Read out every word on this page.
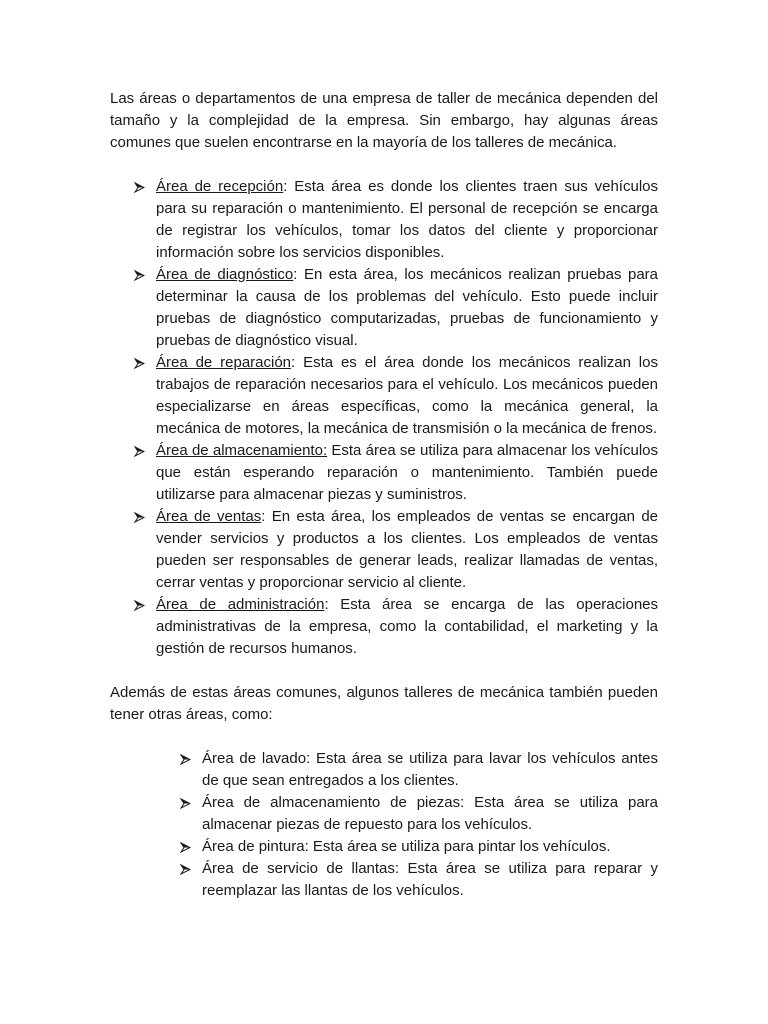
Las áreas o departamentos de una empresa de taller de mecánica dependen del tamaño y la complejidad de la empresa. Sin embargo, hay algunas áreas comunes que suelen encontrarse en la mayoría de los talleres de mecánica.

Área de recepción: Esta área es donde los clientes traen sus vehículos para su reparación o mantenimiento. El personal de recepción se encarga de registrar los vehículos, tomar los datos del cliente y proporcionar información sobre los servicios disponibles.
Área de diagnóstico: En esta área, los mecánicos realizan pruebas para determinar la causa de los problemas del vehículo. Esto puede incluir pruebas de diagnóstico computarizadas, pruebas de funcionamiento y pruebas de diagnóstico visual.
Área de reparación: Esta es el área donde los mecánicos realizan los trabajos de reparación necesarios para el vehículo. Los mecánicos pueden especializarse en áreas específicas, como la mecánica general, la mecánica de motores, la mecánica de transmisión o la mecánica de frenos.
Área de almacenamiento: Esta área se utiliza para almacenar los vehículos que están esperando reparación o mantenimiento. También puede utilizarse para almacenar piezas y suministros.
Área de ventas: En esta área, los empleados de ventas se encargan de vender servicios y productos a los clientes. Los empleados de ventas pueden ser responsables de generar leads, realizar llamadas de ventas, cerrar ventas y proporcionar servicio al cliente.
Área de administración: Esta área se encarga de las operaciones administrativas de la empresa, como la contabilidad, el marketing y la gestión de recursos humanos.

Además de estas áreas comunes, algunos talleres de mecánica también pueden tener otras áreas, como:

Área de lavado: Esta área se utiliza para lavar los vehículos antes de que sean entregados a los clientes.
Área de almacenamiento de piezas: Esta área se utiliza para almacenar piezas de repuesto para los vehículos.
Área de pintura: Esta área se utiliza para pintar los vehículos.
Área de servicio de llantas: Esta área se utiliza para reparar y reemplazar las llantas de los vehículos.
